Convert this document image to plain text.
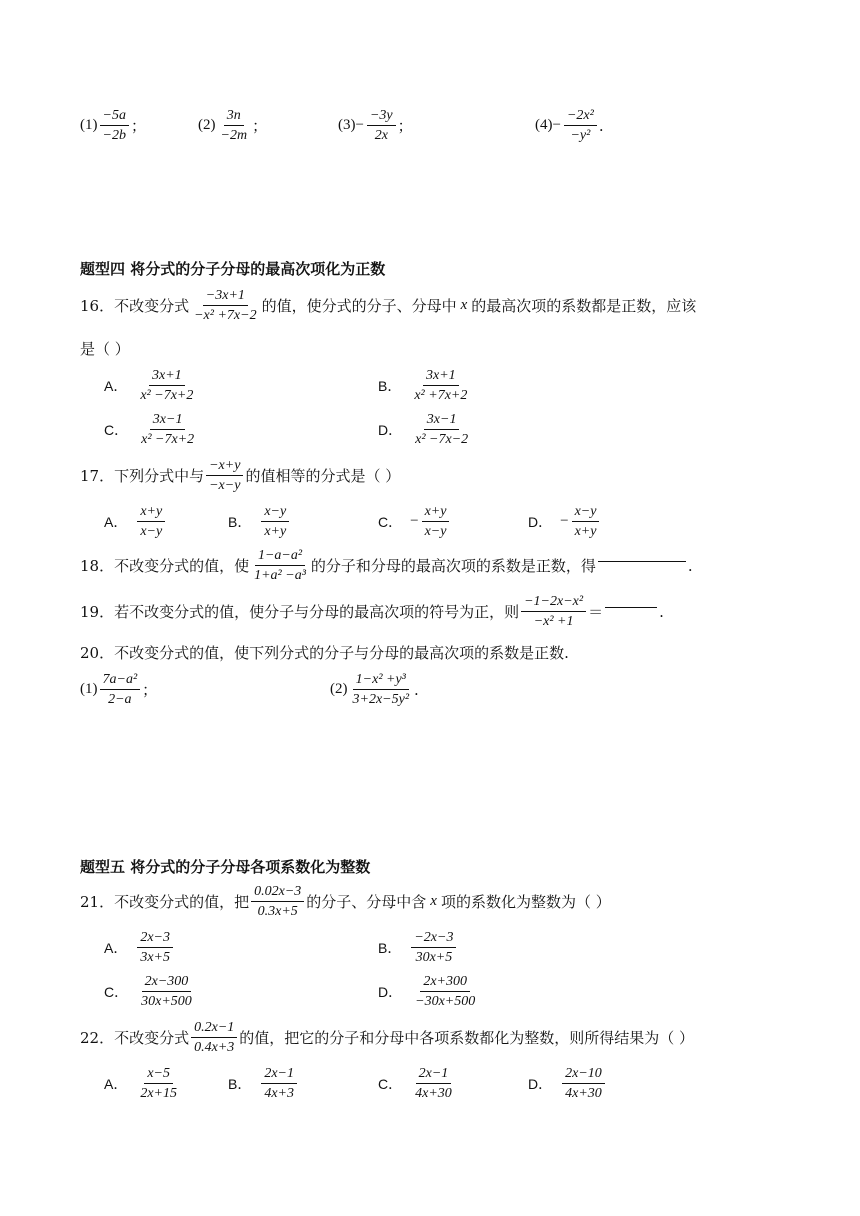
$(1) \frac{-5a}{-2b}$ ；	$(2) \frac{3n}{-2m}$ ；	$(3) - \frac{-3y}{2x}$ ；	$(4) - \frac{\text{−2x²}}{\text{−y²}}$ .
题型四 将分式的分子分母的最高次项化为正数
16． 不改变分式 $\frac{-3x+1}{\text{−x² +7x−2}}$ 的值，使分式的分子、分母中 x 的最高次项的系数都是正数，应该
是（ ）
A． $\frac{3x+1}{\text{x² −7x+2}}$	B． $\frac{3x+1}{\text{x² +7x+2}}$
C． $\frac{3x-1}{\text{x² −7x+2}}$	D． $\frac{3x-1}{\text{x² −7x−2}}$
17． 下列分式中与 $\frac{-x+y}{-x-y}$ 的值相等的分式是（ ）
A． $\frac{x+y}{x-y}$	B． $\frac{x-y}{x+y}$	C． − $\frac{x+y}{x-y}$	D． − $\frac{x-y}{x+y}$
18． 不改变分式的值，使 $\frac{\text{1−a−a²}}{\text{1+a² −a³}}$ 的分子和分母的最高次项的系数是正数，得	.
19． 若不改变分式的值，使分子与分母的最高次项的符号为正，则 $\frac{\text{−1−2x−x²}}{\text{−x² +1}}$ ＝	.
20． 不改变分式的值，使下列分式的分子与分母的最高次项的系数是正数.
$(1) \frac{\text{7a−a²}}{2-a}$ ；	$(2) \frac{\text{1−x² +y³}}{\text{3+2x−5y²}}$ .
题型五 将分式的分子分母各项系数化为整数
21． 不改变分式的值，把 $\frac{0.02x-3}{0.3x+5}$ 的分子、分母中含 x 项的系数化为整数为（ ）
A． $\frac{2x-3}{3x+5}$	B． $\frac{-2x-3}{30x+5}$
C． $\frac{2x-300}{30x+500}$	D． $\frac{2x+300}{-30x+500}$
22． 不改变分式 $\frac{0.2x-1}{0.4x+3}$ 的值，把它的分子和分母中各项系数都化为整数，则所得结果为（ ）
A． $\frac{x-5}{2x+15}$	B． $\frac{2x-1}{4x+3}$	C． $\frac{2x-1}{4x+30}$	D． $\frac{2x-10}{4x+30}$
